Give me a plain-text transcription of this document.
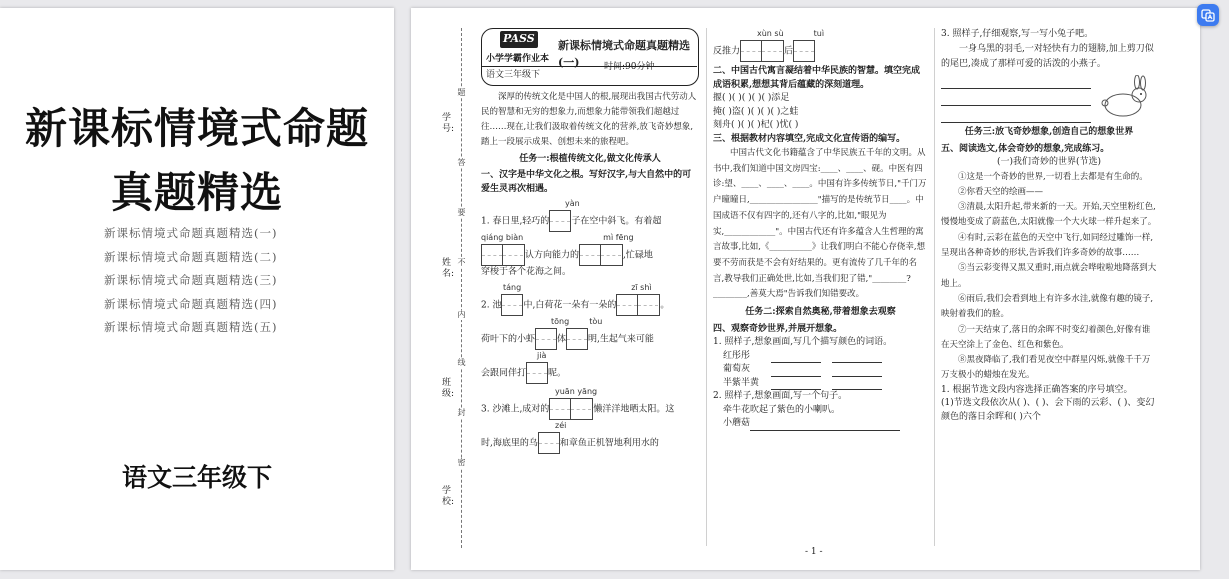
新课标情境式命题
真题精选
新课标情境式命题真题精选(一)
新课标情境式命题真题精选(二)
新课标情境式命题真题精选(三)
新课标情境式命题真题精选(四)
新课标情境式命题真题精选(五)
语文三年级下
学号:
姓名:
班级:
学校:
题
答
要
不
内
线
封
密
PASS
新课标情境式命题真题精选(一)
小学学霸作业本
语文三年级下
时间:90分钟

深厚的传统文化是中国人的根,展现出我国古代劳动人民的智慧和无穷的想象力,而想象力能带领我们超越过往……现在,让我们汲取着传统文化的营养,放飞奇妙想象,踏上一段展示成果、创想未来的旅程吧。

任务一:根植传统文化,做文化传承人

一、汉字是中华文化之根。写好汉字,与大自然中的可爱生灵再次相遇。

yàn
1. 春日里,轻巧的 子在空中斜飞。有着超
qiáng biàn	mì fēng
认方向能力的	,忙碌地
穿梭于各个花海之间。
táng	zī shì
2. 池 中,白荷花一朵有一朵的	。
tōng	tòu
荷叶下的小虾 体 明,生起气来可能
jià
会跟同伴打 呢。
yuān yāng
3. 沙滩上,成对的	懒洋洋地晒太阳。这
zéi
时,海底里的乌 和章鱼正机智地利用水的
xùn sù	tuì
反推力	后

二、中国古代寓言凝结着中华民族的智慧。填空完成成语积累,想想其背后蕴藏的深刻道理。

揠( )( )( )( )( )添足

掩( )盗( )( )( )( )之蛙

刻舟( )( )( )杞( )忧( )

三、根据教材内容填空,完成文化宣传语的编写。

中国古代文化书籍蕴含了中华民族五千年的文明。从书中,我们知道中国文房四宝:____、____、砚。中医有四诊:望、____、____、____。中国有许多传统节日,"千门万户曈曈日,________________"描写的是传统节日____。中国成语不仅有四字的,还有八字的,比如,"眼见为实,____________"。中国古代还有许多蕴含人生哲理的寓言故事,比如,《__________》让我们明白不能心存侥幸,想要不劳而获是不会有好结果的。更有流传了几千年的名言,教导我们正确处世,比如,当我们犯了错,"________?________,善莫大焉"告诉我们知错要改。

任务二:探索自然奥秘,带着想象去观察

四、观察奇妙世界,并展开想象。

1. 照样子,想象画面,写几个描写颜色的词语。

红彤彤
葡萄灰
半紫半黄

2. 照样子,想象画面,写一个句子。

牵牛花吹起了紫色的小喇叭。

小蘑菇

3. 照样子,仔细观察,写一写小兔子吧。

一身乌黑的羽毛,一对轻快有力的翅膀,加上剪刀似的尾巴,凑成了那样可爱的活泼的小燕子。

任务三:放飞奇妙想象,创造自己的想象世界

五、阅读选文,体会奇妙的想象,完成练习。

(一)我们奇妙的世界(节选)

①这是一个奇妙的世界,一切看上去都是有生命的。

②你看天空的绘画——

③清晨,太阳升起,带来新的一天。开始,天空里粉红色,慢慢地变成了蔚蓝色,太阳就像一个大火球一样升起来了。

④有时,云彩在蓝色的天空中飞行,如同经过雕饰一样,呈现出各种奇妙的形状,告诉我们许多奇妙的故事……

⑤当云彩变得又黑又重时,雨点就会哗啦啦地降落到大地上。

⑥雨后,我们会看到地上有许多水洼,就像有趣的镜子,映射着我们的脸。

⑦一天结束了,落日的余晖不时变幻着颜色,好像有谁在天空涂上了金色、红色和紫色。

⑧黑夜降临了,我们看见夜空中群星闪烁,就像千千万万支极小的蜡烛在发光。

1. 根据节选文段内容选择正确答案的序号填空。

(1)节选文段依次从( )、( )、会下雨的云彩、( )、变幻颜色的落日余晖和( )六个

- 1 -
